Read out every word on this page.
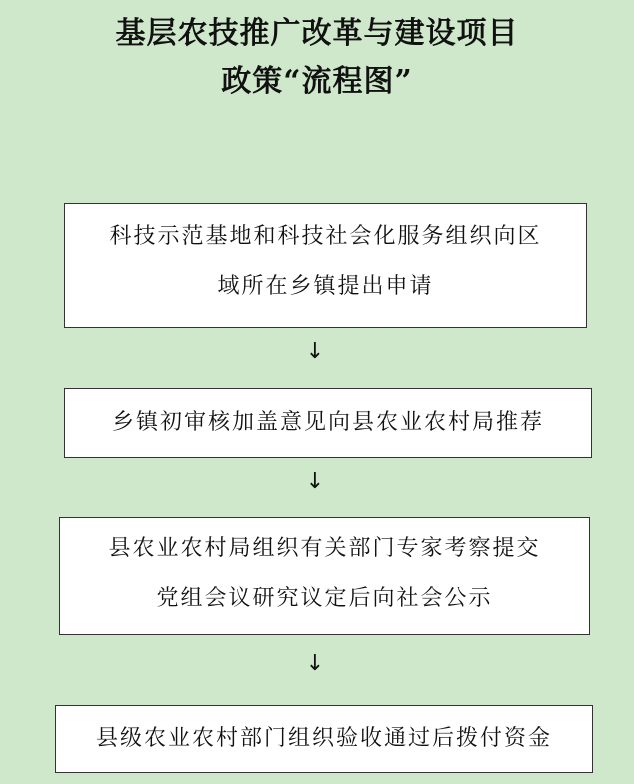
基层农技推广改革与建设项目
政策“流程图”
科技示范基地和科技社会化服务组织向区
域所在乡镇提出申请
↓
乡镇初审核加盖意见向县农业农村局推荐
↓
县农业农村局组织有关部门专家考察提交
党组会议研究议定后向社会公示
↓
县级农业农村部门组织验收通过后拨付资金
